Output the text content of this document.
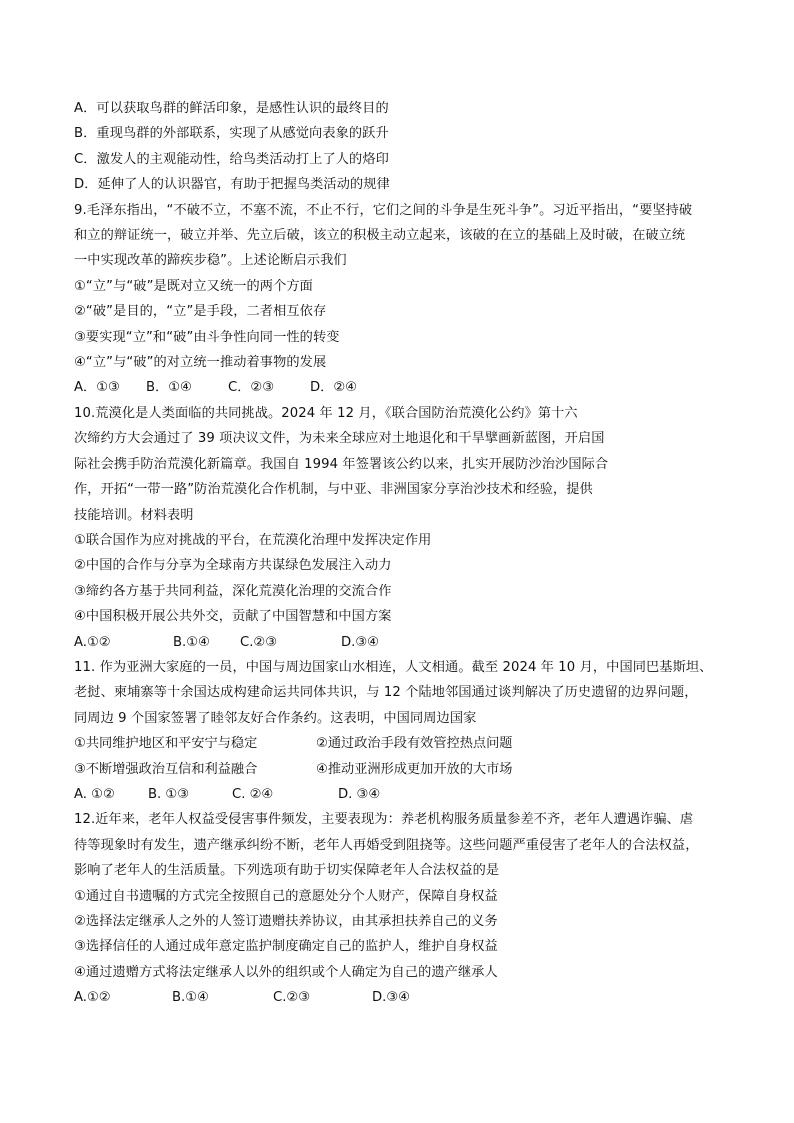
A．可以获取鸟群的鲜活印象，是感性认识的最终目的
B．重现鸟群的外部联系，实现了从感觉向表象的跃升
C．激发人的主观能动性，给鸟类活动打上了人的烙印
D．延伸了人的认识器官，有助于把握鸟类活动的规律
9.毛泽东指出，“不破不立，不塞不流，不止不行，它们之间的斗争是生死斗争”。习近平指出，“要坚持破
和立的辩证统一，破立并举、先立后破，该立的积极主动立起来，该破的在立的基础上及时破，在破立统
一中实现改革的蹄疾步稳”。上述论断启示我们
①“立”与“破”是既对立又统一的两个方面
②“破”是目的，“立”是手段，二者相互依存
③要实现“立”和“破”由斗争性向同一性的转变
④“立”与“破”的对立统一推动着事物的发展
A．①③	B．①④	C．②③	D．②④
10.荒漠化是人类面临的共同挑战。2024 年 12 月，《联合国防治荒漠化公约》第十六
次缔约方大会通过了 39 项决议文件，为未来全球应对土地退化和干旱擘画新蓝图，开启国
际社会携手防治荒漠化新篇章。我国自 1994 年签署该公约以来，扎实开展防沙治沙国际合
作，开拓“一带一路”防治荒漠化合作机制，与中亚、非洲国家分享治沙技术和经验，提供
技能培训。材料表明
①联合国作为应对挑战的平台，在荒漠化治理中发挥决定作用
②中国的合作与分享为全球南方共谋绿色发展注入动力
③缔约各方基于共同利益，深化荒漠化治理的交流合作
④中国积极开展公共外交，贡献了中国智慧和中国方案
A.①②	B.①④	C.②③	D.③④
11. 作为亚洲大家庭的一员，中国与周边国家山水相连，人文相通。截至 2024 年 10 月，中国同巴基斯坦、
老挝、柬埔寨等十余国达成构建命运共同体共识，与 12 个陆地邻国通过谈判解决了历史遗留的边界问题，
同周边 9 个国家签署了睦邻友好合作条约。这表明，中国同周边国家
①共同维护地区和平安宁与稳定	②通过政治手段有效管控热点问题
③不断增强政治互信和利益融合	④推动亚洲形成更加开放的大市场
A. ①②	B. ①③	C. ②④	D. ③④
12.近年来，老年人权益受侵害事件频发，主要表现为：养老机构服务质量参差不齐，老年人遭遇诈骗、虐
待等现象时有发生，遗产继承纠纷不断，老年人再婚受到阻挠等。这些问题严重侵害了老年人的合法权益，
影响了老年人的生活质量。下列选项有助于切实保障老年人合法权益的是
①通过自书遗嘱的方式完全按照自己的意愿处分个人财产，保障自身权益
②选择法定继承人之外的人签订遗赠扶养协议，由其承担扶养自己的义务
③选择信任的人通过成年意定监护制度确定自己的监护人，维护自身权益
④通过遗赠方式将法定继承人以外的组织或个人确定为自己的遗产继承人
A.①②	B.①④	C.②③	D.③④
